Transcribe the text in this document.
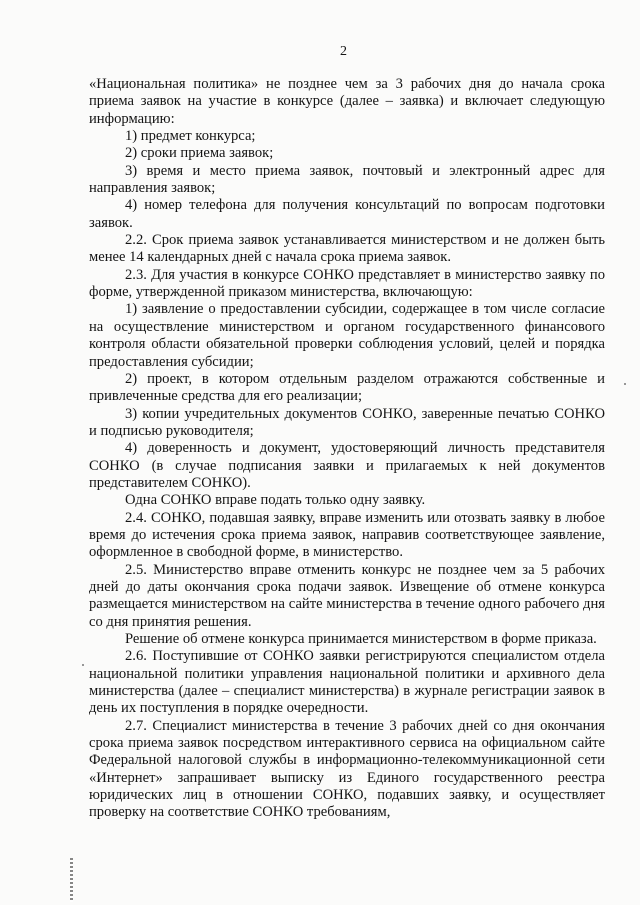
2

«Национальная политика» не позднее чем за 3 рабочих дня до начала срока приема заявок на участие в конкурсе (далее – заявка) и включает следующую информацию:

1) предмет конкурса;

2) сроки приема заявок;

3) время и место приема заявок, почтовый и электронный адрес для направления заявок;

4) номер телефона для получения консультаций по вопросам подготовки заявок.

2.2. Срок приема заявок устанавливается министерством и не должен быть менее 14 календарных дней с начала срока приема заявок.

2.3. Для участия в конкурсе СОНКО представляет в министерство заявку по форме, утвержденной приказом министерства, включающую:

1) заявление о предоставлении субсидии, содержащее в том числе согласие на осуществление министерством и органом государственного финансового контроля области обязательной проверки соблюдения условий, целей и порядка предоставления субсидии;

2) проект, в котором отдельным разделом отражаются собственные и привлеченные средства для его реализации;

3) копии учредительных документов СОНКО, заверенные печатью СОНКО и подписью руководителя;

4) доверенность и документ, удостоверяющий личность представителя СОНКО (в случае подписания заявки и прилагаемых к ней документов представителем СОНКО).

Одна СОНКО вправе подать только одну заявку.

2.4. СОНКО, подавшая заявку, вправе изменить или отозвать заявку в любое время до истечения срока приема заявок, направив соответствующее заявление, оформленное в свободной форме, в министерство.

2.5. Министерство вправе отменить конкурс не позднее чем за 5 рабочих дней до даты окончания срока подачи заявок. Извещение об отмене конкурса размещается министерством на сайте министерства в течение одного рабочего дня со дня принятия решения.

Решение об отмене конкурса принимается министерством в форме приказа.

2.6. Поступившие от СОНКО заявки регистрируются специалистом отдела национальной политики управления национальной политики и архивного дела министерства (далее – специалист министерства) в журнале регистрации заявок в день их поступления в порядке очередности.

2.7. Специалист министерства в течение 3 рабочих дней со дня окончания срока приема заявок посредством интерактивного сервиса на официальном сайте Федеральной налоговой службы в информационно-телекоммуникационной сети «Интернет» запрашивает выписку из Единого государственного реестра юридических лиц в отношении СОНКО, подавших заявку, и осуществляет проверку на соответствие СОНКО требованиям,
